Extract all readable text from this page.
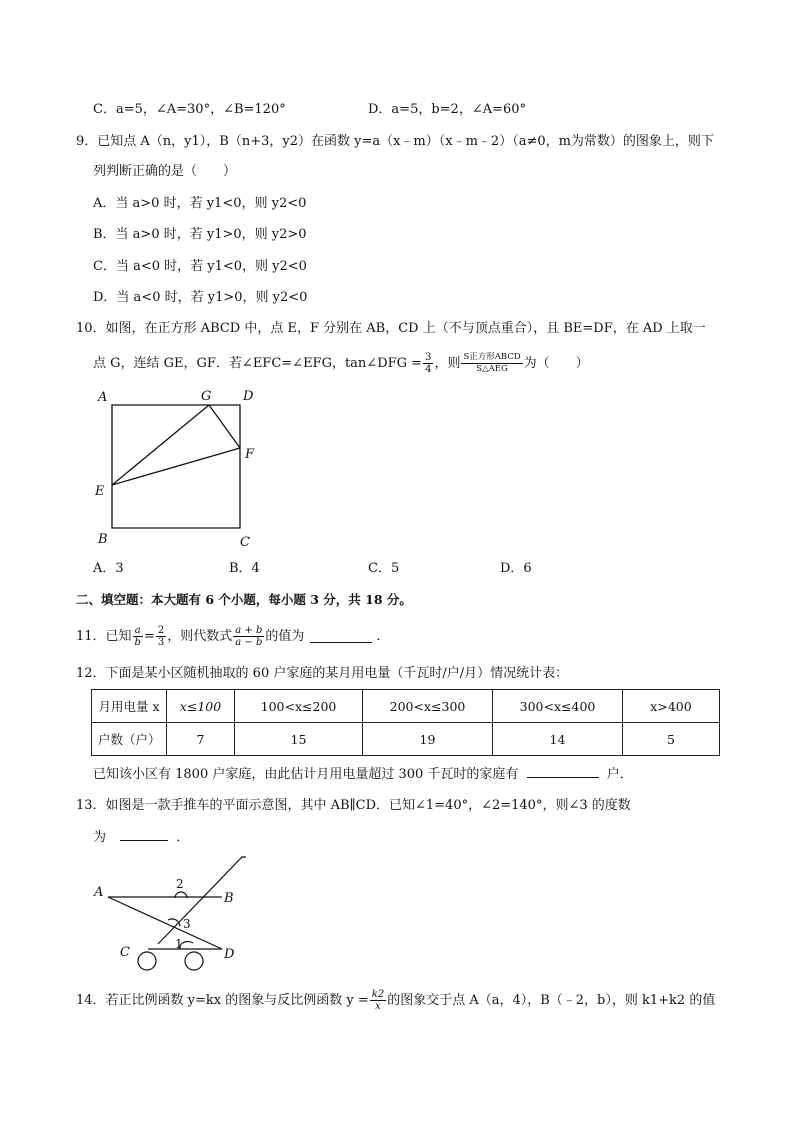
C．a=5，∠A=30°，∠B=120°	D．a=5，b=2，∠A=60°
9．已知点 A（n，y1），B（n+3，y2）在函数 y=a（x﹣m）（x﹣m﹣2）（a≠0，m为常数）的图象上，则下
列判断正确的是（　　）
A．当 a>0 时，若 y1<0，则 y2<0
B．当 a>0 时，若 y1>0，则 y2>0
C．当 a<0 时，若 y1<0，则 y2<0
D．当 a<0 时，若 y1>0，则 y2<0
10．如图，在正方形 ABCD 中，点 E，F 分别在 AB，CD 上（不与顶点重合），且 BE=DF，在 AD 上取一
点 G，连结 GE，GF．若∠EFC=∠EFG，tan∠DFG = $\frac{3}{4}$ ，则 $\frac{\text{S正方形ABCD}}{\text{S△AEG}}$ 为（　　）
A	G D
F
E
B	C
A．3	B．4	C．5	D．6
二、填空题：本大题有 6 个小题，每小题 3 分，共 18 分。
11．已知 $\frac{a}{b} = \frac{2}{3}$ ，则代数式 $\frac{a + b}{a - b}$ 的值为	．
12．下面是某小区随机抽取的 60 户家庭的某月用电量（千瓦时/户/月）情况统计表：
月用电量 x	x≤100	100<x≤200	200<x≤300	300<x≤400	x>400
户数（户）	7	15	19	14	5
已知该小区有 1800 户家庭，由此估计月用电量超过 300 千瓦时的家庭有	户．
13．如图是一款手推车的平面示意图，其中 AB∥CD．已知∠1=40°，∠2=140°，则∠3 的度数
为	．
A	B
C	D
2
3
1
14．若正比例函数 y=kx 的图象与反比例函数 $y = \frac{k2}{x}$ 的图象交于点 A（a，4），B（﹣2，b），则 k1+k2 的值
